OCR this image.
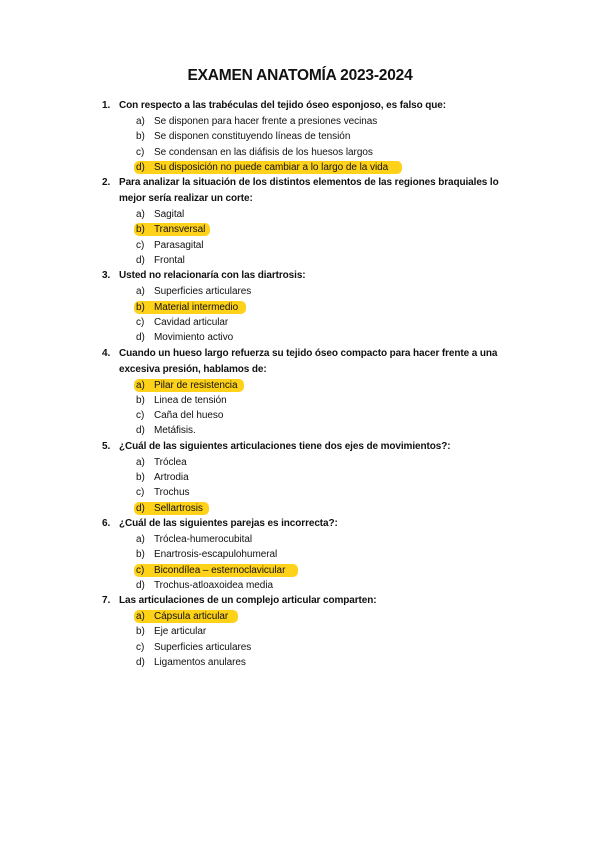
EXAMEN ANATOMÍA 2023-2024
1. Con respecto a las trabéculas del tejido óseo esponjoso, es falso que:
a) Se disponen para hacer frente a presiones vecinas
b) Se disponen constituyendo líneas de tensión
c) Se condensan en las diáfisis de los huesos largos
d) Su disposición no puede cambiar a lo largo de la vida
2. Para analizar la situación de los distintos elementos de las regiones braquiales lo mejor sería realizar un corte:
a) Sagital
b) Transversal
c) Parasagital
d) Frontal
3. Usted no relacionaría con las diartrosis:
a) Superficies articulares
b) Material intermedio
c) Cavidad articular
d) Movimiento activo
4. Cuando un hueso largo refuerza su tejido óseo compacto para hacer frente a una excesiva presión, hablamos de:
a) Pilar de resistencia
b) Linea de tensión
c) Caña del hueso
d) Metáfisis.
5. ¿Cuál de las siguientes articulaciones tiene dos ejes de movimientos?:
a) Tróclea
b) Artrodia
c) Trochus
d) Sellartrosis
6. ¿Cuál de las siguientes parejas es incorrecta?:
a) Tróclea-humerocubital
b) Enartrosis-escapulohumeral
c) Bicondílea – esternoclavicular
d) Trochus-atloaxoidea media
7. Las articulaciones de un complejo articular comparten:
a) Cápsula articular
b) Eje articular
c) Superficies articulares
d) Ligamentos anulares
